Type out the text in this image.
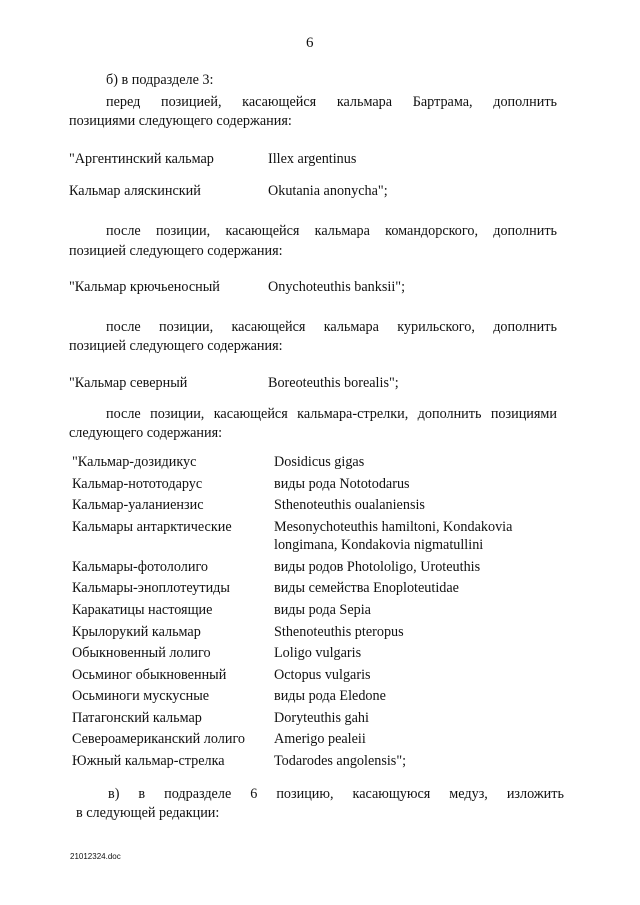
6
б) в подразделе 3:
перед позицией, касающейся кальмара Бартрама, дополнить
позициями следующего содержания:
"Аргентинский кальмар	Illex argentinus
Кальмар аляскинский	Okutania anonycha";
после позиции, касающейся кальмара командорского, дополнить
позицией следующего содержания:
"Кальмар крючьеносный	Onychoteuthis banksii";
после позиции, касающейся кальмара курильского, дополнить
позицией следующего содержания:
"Кальмар северный	Boreoteuthis borealis";
после позиции, касающейся кальмара-стрелки, дополнить позициями
следующего содержания:
"Кальмар-дозидикус	Dosidicus gigas
Кальмар-нототодарус	виды рода Nototodarus
Кальмар-уаланиензис	Sthenoteuthis oualaniensis
Кальмары антарктические	Mesonychoteuthis hamiltoni, Kondakovia
longimana, Kondakovia nigmatullini
Кальмары-фотололиго	виды родов Photololigo, Uroteuthis
Кальмары-эноплотеутиды	виды семейства Enoploteutidae
Каракатицы настоящие	виды рода Sepia
Крылорукий кальмар	Sthenoteuthis pteropus
Обыкновенный лолиго	Loligo vulgaris
Осьминог обыкновенный	Octopus vulgaris
Осьминоги мускусные	виды рода Eledone
Патагонский кальмар	Doryteuthis gahi
Североамериканский лолиго Amerigo pealeii
Южный кальмар-стрелка	Todarodes angolensis";
в) в подразделе 6 позицию, касающуюся медуз, изложить
в следующей редакции:
21012324.doc
